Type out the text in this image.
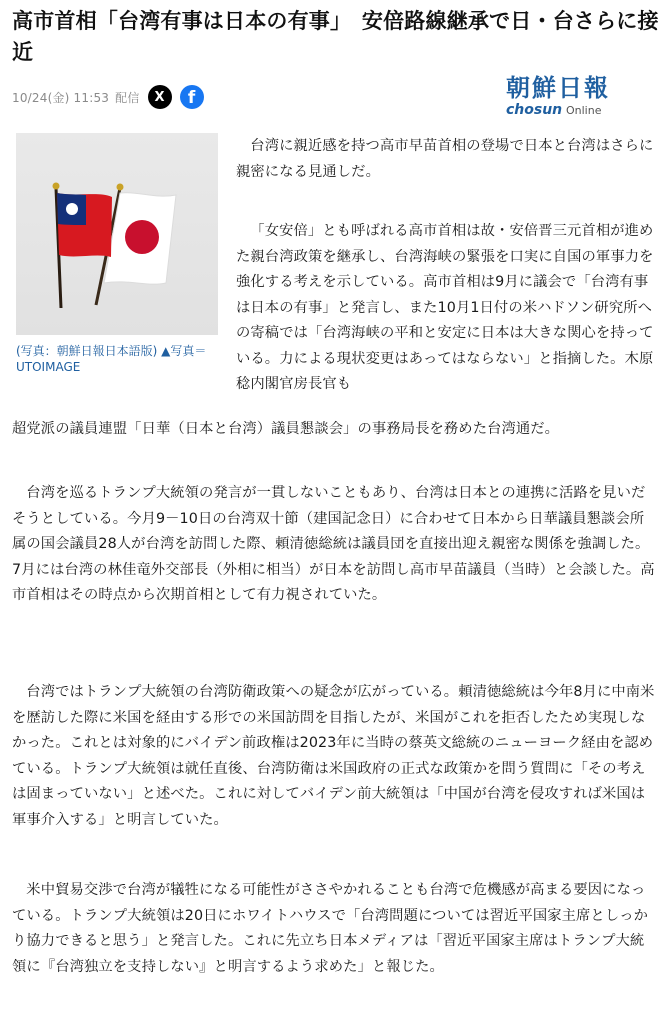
高市首相「台湾有事は日本の有事」　安倍路線継承で日・台さらに接近
10/24(金) 11:53 配信 X f	朝鮮日報
chosun Online
(写真：朝鮮日報日本語版) ▲写真＝UTOIMAGE

台湾に親近感を持つ高市早苗首相の登場で日本と台湾はさらに親密になる見通しだ。

「女安倍」とも呼ばれる高市首相は故・安倍晋三元首相が進めた親台湾政策を継承し、台湾海峡の緊張を口実に自国の軍事力を強化する考えを示している。高市首相は9月に議会で「台湾有事は日本の有事」と発言し、また10月1日付の米ハドソン研究所への寄稿では「台湾海峡の平和と安定に日本は大きな関心を持っている。力による現状変更はあってはならない」と指摘した。木原稔内閣官房長官も

超党派の議員連盟「日華（日本と台湾）議員懇談会」の事務局長を務めた台湾通だ。

台湾を巡るトランプ大統領の発言が一貫しないこともあり、台湾は日本との連携に活路を見いだそうとしている。今月9－10日の台湾双十節（建国記念日）に合わせて日本から日華議員懇談会所属の国会議員28人が台湾を訪問した際、頼清徳総統は議員団を直接出迎え親密な関係を強調した。7月には台湾の林佳竜外交部長（外相に相当）が日本を訪問し高市早苗議員（当時）と会談した。高市首相はその時点から次期首相として有力視されていた。

台湾ではトランプ大統領の台湾防衛政策への疑念が広がっている。頼清徳総統は今年8月に中南米を歴訪した際に米国を経由する形での米国訪問を目指したが、米国がこれを拒否したため実現しなかった。これとは対象的にバイデン前政権は2023年に当時の蔡英文総統のニューヨーク経由を認めている。トランプ大統領は就任直後、台湾防衛は米国政府の正式な政策かを問う質問に「その考えは固まっていない」と述べた。これに対してバイデン前大統領は「中国が台湾を侵攻すれば米国は軍事介入する」と明言していた。

米中貿易交渉で台湾が犠牲になる可能性がささやかれることも台湾で危機感が高まる要因になっている。トランプ大統領は20日にホワイトハウスで「台湾問題については習近平国家主席としっかり協力できると思う」と発言した。これに先立ち日本メディアは「習近平国家主席はトランプ大統領に『台湾独立を支持しない』と明言するよう求めた」と報じた。
